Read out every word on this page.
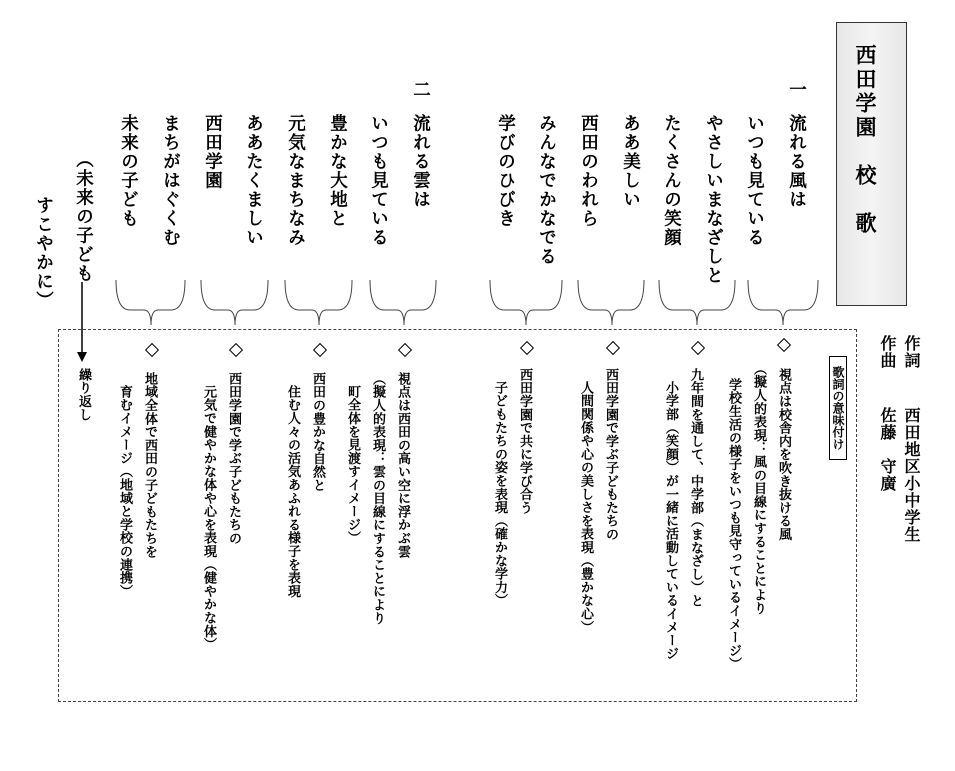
西田学園　校　歌
作詞
西田地区小中学生
作曲
佐藤　守廣
一
流れる風は
いつも見ている
やさしいまなざしと
たくさんの笑顔
ああ美しい
西田のわれら
みんなでかなでる
学びのひびき
二
流れる雲は
いつも見ている
豊かな大地と
元気なまちなみ
ああたくましい
西田学園
まちがはぐくむ
未来の子ども
（未来の子ども
すこやかに）
歌詞の意味付け
視点は校舎内を吹き抜ける風
（擬人的表現：風の目線にすることにより
学校生活の様子をいつも見守っているイメージ）
九年間を通して、中学部（まなざし）と
小学部（笑顔）が一緒に活動しているイメージ
西田学園で学ぶ子どもたちの
人間関係や心の美しさを表現（豊かな心）
西田学園で共に学び合う
子どもたちの姿を表現（確かな学力）
視点は西田の高い空に浮かぶ雲
（擬人的表現：雲の目線にすることにより
町全体を見渡すイメージ）
西田の豊かな自然と
住む人々の活気あふれる様子を表現
西田学園で学ぶ子どもたちの
元気で健やかな体や心を表現（健やかな体）
地域全体で西田の子どもたちを
育むイメージ（地域と学校の連携）
繰り返し
